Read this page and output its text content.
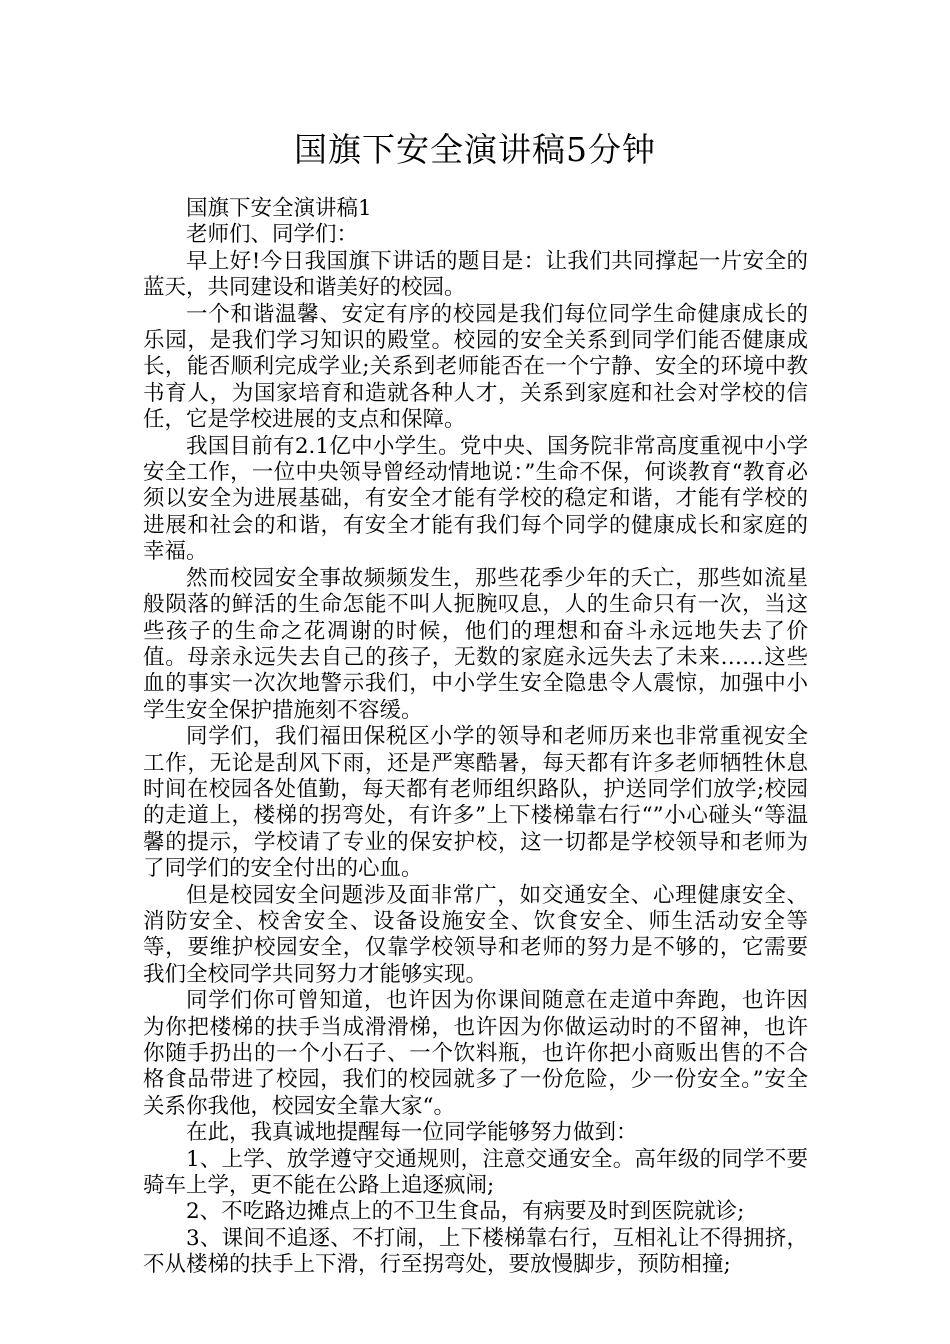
国旗下安全演讲稿5分钟

国旗下安全演讲稿1

老师们、同学们：

早上好!今日我国旗下讲话的题目是：让我们共同撑起一片安全的蓝天，共同建设和谐美好的校园。

一个和谐温馨、安定有序的校园是我们每位同学生命健康成长的乐园，是我们学习知识的殿堂。校园的安全关系到同学们能否健康成长，能否顺利完成学业;关系到老师能否在一个宁静、安全的环境中教书育人，为国家培育和造就各种人才，关系到家庭和社会对学校的信任，它是学校进展的支点和保障。

我国目前有2.1亿中小学生。党中央、国务院非常高度重视中小学安全工作，一位中央领导曾经动情地说：”生命不保，何谈教育“教育必须以安全为进展基础，有安全才能有学校的稳定和谐，才能有学校的进展和社会的和谐，有安全才能有我们每个同学的健康成长和家庭的幸福。

然而校园安全事故频频发生，那些花季少年的夭亡，那些如流星般陨落的鲜活的生命怎能不叫人扼腕叹息，人的生命只有一次，当这些孩子的生命之花凋谢的时候，他们的理想和奋斗永远地失去了价值。母亲永远失去自己的孩子，无数的家庭永远失去了未来……这些血的事实一次次地警示我们，中小学生安全隐患令人震惊，加强中小学生安全保护措施刻不容缓。

同学们，我们福田保税区小学的领导和老师历来也非常重视安全工作，无论是刮风下雨，还是严寒酷暑，每天都有许多老师牺牲休息时间在校园各处值勤，每天都有老师组织路队，护送同学们放学;校园的走道上，楼梯的拐弯处，有许多”上下楼梯靠右行“”小心碰头“等温馨的提示，学校请了专业的保安护校，这一切都是学校领导和老师为了同学们的安全付出的心血。

但是校园安全问题涉及面非常广，如交通安全、心理健康安全、消防安全、校舍安全、设备设施安全、饮食安全、师生活动安全等等，要维护校园安全，仅靠学校领导和老师的努力是不够的，它需要我们全校同学共同努力才能够实现。

同学们你可曾知道，也许因为你课间随意在走道中奔跑，也许因为你把楼梯的扶手当成滑滑梯，也许因为你做运动时的不留神，也许你随手扔出的一个小石子、一个饮料瓶，也许你把小商贩出售的不合格食品带进了校园，我们的校园就多了一份危险，少一份安全。”安全关系你我他，校园安全靠大家“。

在此，我真诚地提醒每一位同学能够努力做到：

1、上学、放学遵守交通规则，注意交通安全。高年级的同学不要骑车上学，更不能在公路上追逐疯闹;

2、不吃路边摊点上的不卫生食品，有病要及时到医院就诊;

3、课间不追逐、不打闹，上下楼梯靠右行，互相礼让不得拥挤，不从楼梯的扶手上下滑，行至拐弯处，要放慢脚步，预防相撞;
